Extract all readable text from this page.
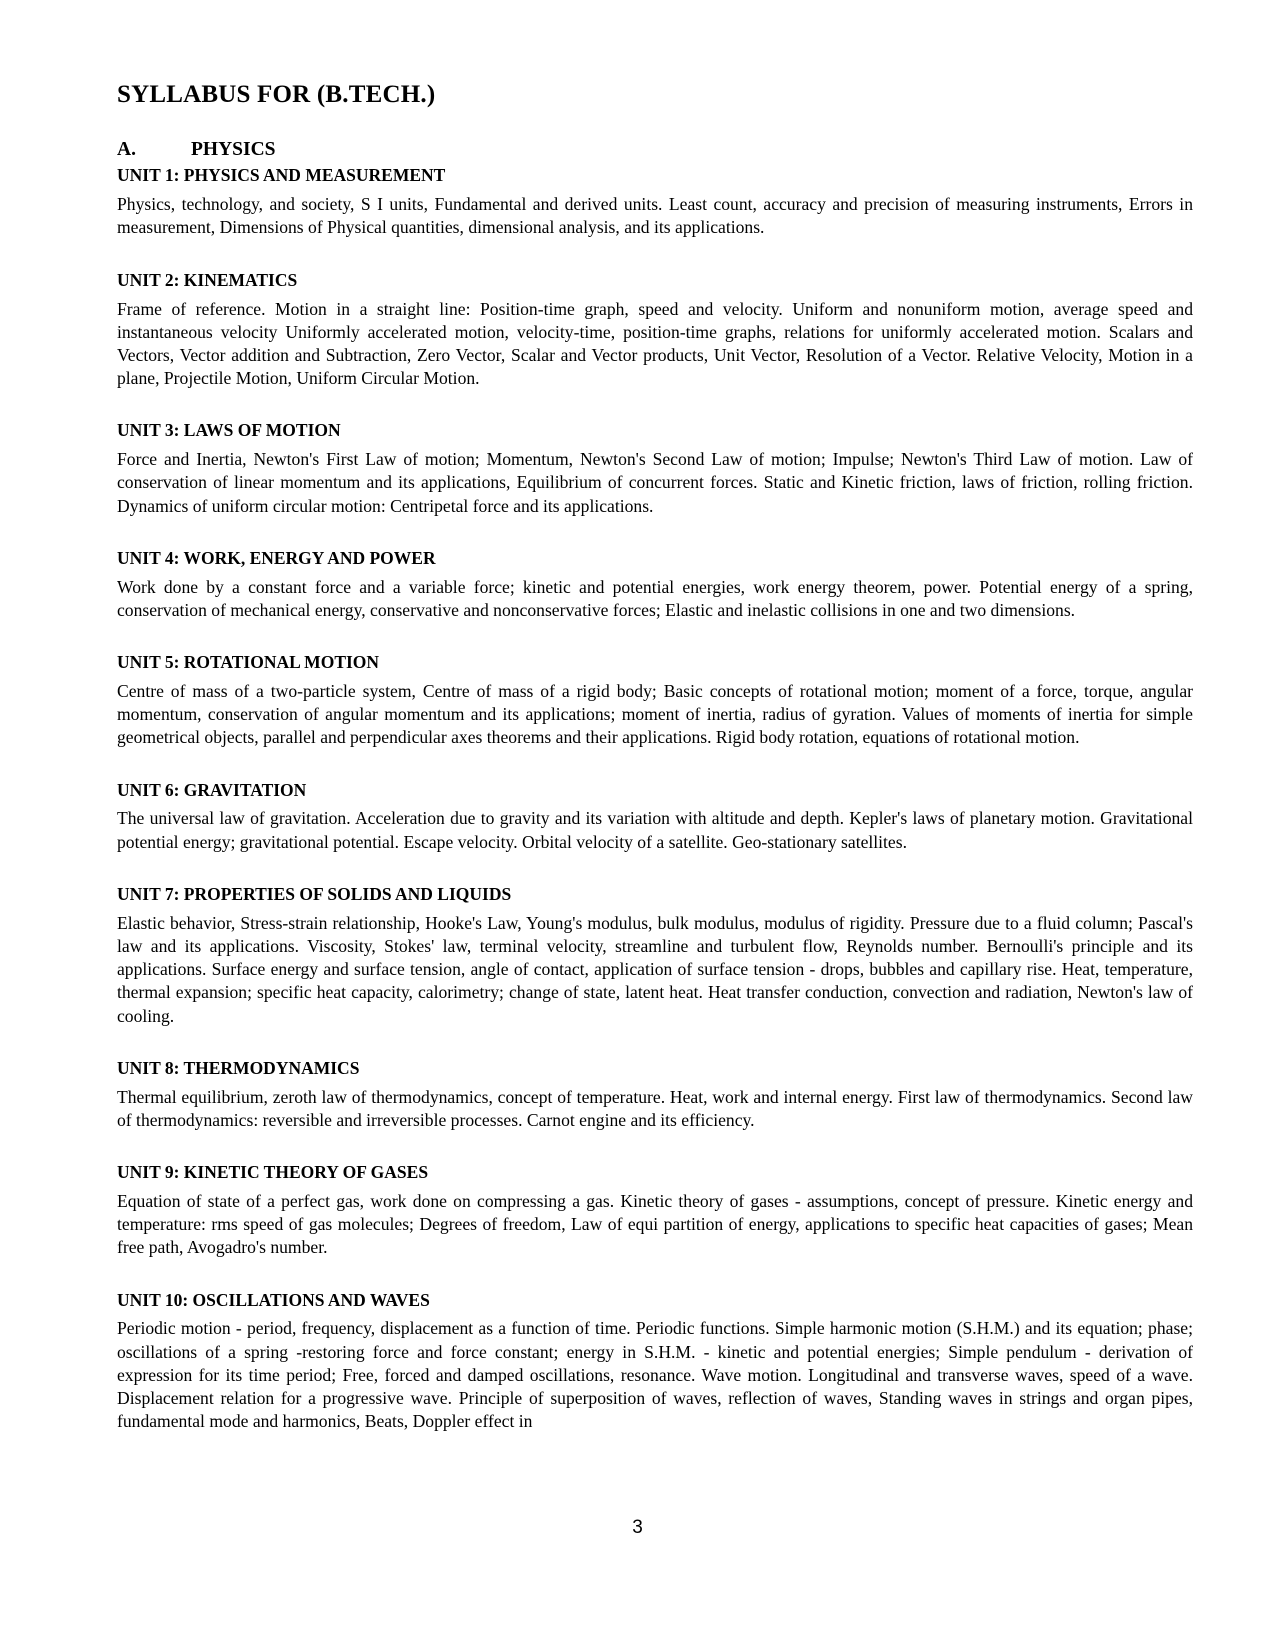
SYLLABUS FOR (B.TECH.)
A.	PHYSICS
UNIT 1: PHYSICS AND MEASUREMENT

Physics, technology, and society, S I units, Fundamental and derived units. Least count, accuracy and precision of measuring instruments, Errors in measurement, Dimensions of Physical quantities, dimensional analysis, and its applications.

UNIT 2: KINEMATICS

Frame of reference. Motion in a straight line: Position-time graph, speed and velocity. Uniform and nonuniform motion, average speed and instantaneous velocity Uniformly accelerated motion, velocity-time, position-time graphs, relations for uniformly accelerated motion. Scalars and Vectors, Vector addition and Subtraction, Zero Vector, Scalar and Vector products, Unit Vector, Resolution of a Vector. Relative Velocity, Motion in a plane, Projectile Motion, Uniform Circular Motion.

UNIT 3: LAWS OF MOTION

Force and Inertia, Newton's First Law of motion; Momentum, Newton's Second Law of motion; Impulse; Newton's Third Law of motion. Law of conservation of linear momentum and its applications, Equilibrium of concurrent forces. Static and Kinetic friction, laws of friction, rolling friction. Dynamics of uniform circular motion: Centripetal force and its applications.

UNIT 4: WORK, ENERGY AND POWER

Work done by a constant force and a variable force; kinetic and potential energies, work energy theorem, power. Potential energy of a spring, conservation of mechanical energy, conservative and nonconservative forces; Elastic and inelastic collisions in one and two dimensions.

UNIT 5: ROTATIONAL MOTION

Centre of mass of a two-particle system, Centre of mass of a rigid body; Basic concepts of rotational motion; moment of a force, torque, angular momentum, conservation of angular momentum and its applications; moment of inertia, radius of gyration. Values of moments of inertia for simple geometrical objects, parallel and perpendicular axes theorems and their applications. Rigid body rotation, equations of rotational motion.

UNIT 6: GRAVITATION

The universal law of gravitation. Acceleration due to gravity and its variation with altitude and depth. Kepler's laws of planetary motion. Gravitational potential energy; gravitational potential. Escape velocity. Orbital velocity of a satellite. Geo-stationary satellites.

UNIT 7: PROPERTIES OF SOLIDS AND LIQUIDS

Elastic behavior, Stress-strain relationship, Hooke's Law, Young's modulus, bulk modulus, modulus of rigidity. Pressure due to a fluid column; Pascal's law and its applications. Viscosity, Stokes' law, terminal velocity, streamline and turbulent flow, Reynolds number. Bernoulli's principle and its applications. Surface energy and surface tension, angle of contact, application of surface tension - drops, bubbles and capillary rise. Heat, temperature, thermal expansion; specific heat capacity, calorimetry; change of state, latent heat. Heat transfer conduction, convection and radiation, Newton's law of cooling.

UNIT 8: THERMODYNAMICS

Thermal equilibrium, zeroth law of thermodynamics, concept of temperature. Heat, work and internal energy. First law of thermodynamics. Second law of thermodynamics: reversible and irreversible processes. Carnot engine and its efficiency.

UNIT 9: KINETIC THEORY OF GASES

Equation of state of a perfect gas, work done on compressing a gas. Kinetic theory of gases - assumptions, concept of pressure. Kinetic energy and temperature: rms speed of gas molecules; Degrees of freedom, Law of equi partition of energy, applications to specific heat capacities of gases; Mean free path, Avogadro's number.

UNIT 10: OSCILLATIONS AND WAVES

Periodic motion - period, frequency, displacement as a function of time. Periodic functions. Simple harmonic motion (S.H.M.) and its equation; phase; oscillations of a spring -restoring force and force constant; energy in S.H.M. - kinetic and potential energies; Simple pendulum - derivation of expression for its time period; Free, forced and damped oscillations, resonance. Wave motion. Longitudinal and transverse waves, speed of a wave. Displacement relation for a progressive wave. Principle of superposition of waves, reflection of waves, Standing waves in strings and organ pipes, fundamental mode and harmonics, Beats, Doppler effect in

3
